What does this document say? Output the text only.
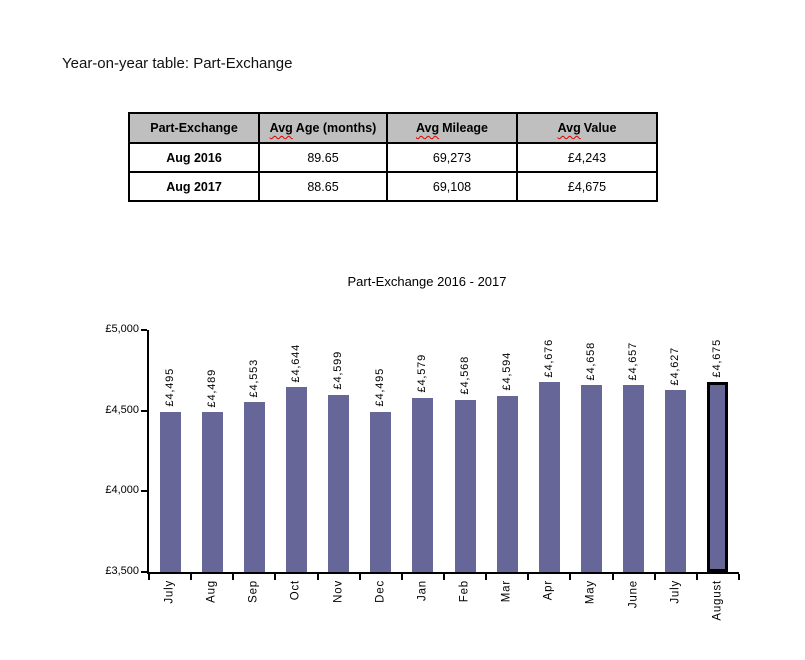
Year-on-year table: Part-Exchange
Part-Exchange	Avg Age (months)	Avg Mileage	Avg Value
Aug 2016	89.65	69,273	£4,243
Aug 2017	88.65	69,108	£4,675
Part-Exchange 2016 - 2017
£4,495
July
£4,489
Aug
£4,553
Sep
£4,644
Oct
£4,599
Nov
£4,495
Dec
£4,579
Jan
£4,568
Feb
£4,594
Mar
£4,676
Apr
£4,658
May
£4,657
June
£4,627
July
£4,675
August
£5,000
£4,500
£4,000
£3,500
